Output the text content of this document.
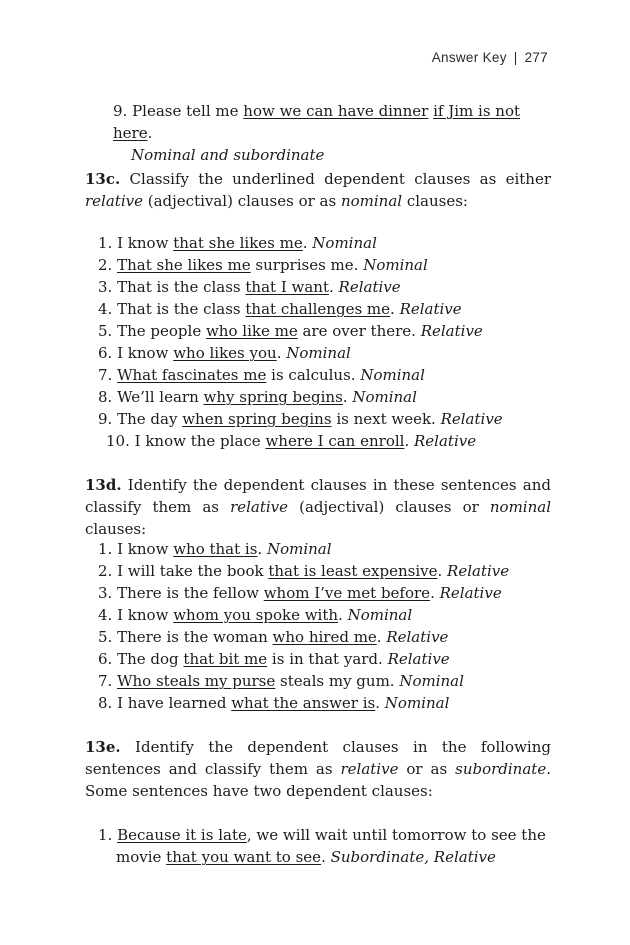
Answer Key | 277
9. Please tell me how we can have dinner if Jim is not here.
Nominal and subordinate
13c. Classify the underlined dependent clauses as either relative (adjectival) clauses or as nominal clauses:
1. I know that she likes me. Nominal
2. That she likes me surprises me. Nominal
3. That is the class that I want. Relative
4. That is the class that challenges me. Relative
5. The people who like me are over there. Relative
6. I know who likes you. Nominal
7. What fascinates me is calculus. Nominal
8. We’ll learn why spring begins. Nominal
9. The day when spring begins is next week. Relative
10. I know the place where I can enroll. Relative
13d. Identify the dependent clauses in these sentences and classify them as relative (adjectival) clauses or nominal clauses:
1. I know who that is. Nominal
2. I will take the book that is least expensive. Relative
3. There is the fellow whom I’ve met before. Relative
4. I know whom you spoke with. Nominal
5. There is the woman who hired me. Relative
6. The dog that bit me is in that yard. Relative
7. Who steals my purse steals my gum. Nominal
8. I have learned what the answer is. Nominal
13e. Identify the dependent clauses in the following sentences and classify them as relative or as subordinate. Some sentences have two dependent clauses:
1. Because it is late, we will wait until tomorrow to see the
movie that you want to see. Subordinate, Relative
